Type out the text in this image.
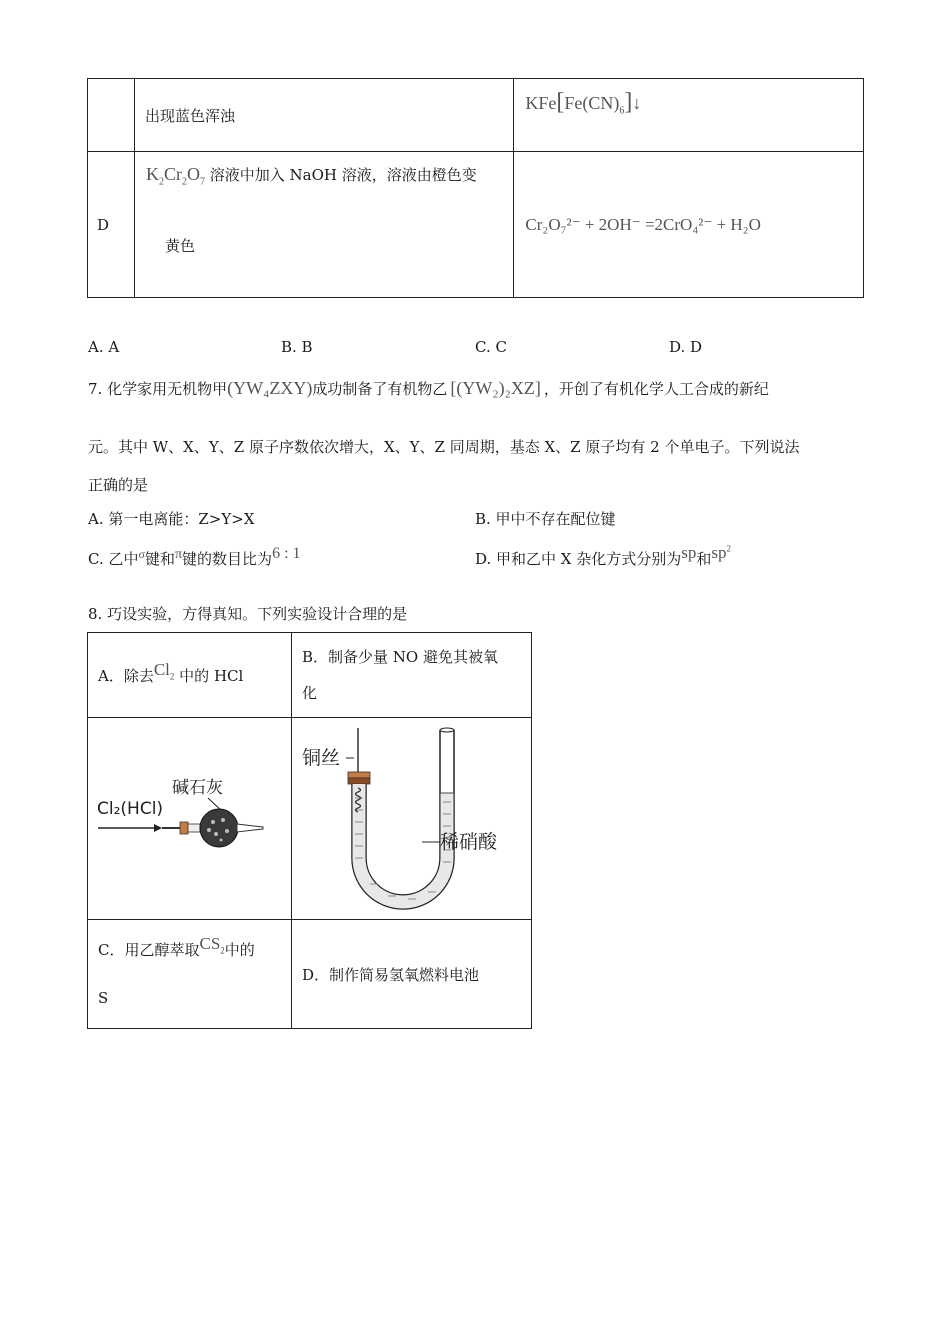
	出现蓝色浑浊	$KFe[Fe(CN)_6]↓$

D	$K_2Cr_2O_7$ 溶液中加入 NaOH 溶液，溶液由橙色变
黄色	Cr₂O₇²⁻ + 2OH⁻ =2CrO₄²⁻ + H₂O
A. A	B. B	C. C	D. D
7. 化学家用无机物甲(YW₄ZXY)成功制备了有机物乙 [(YW₂)₂XZ] ，开创了有机化学人工合成的新纪
元。其中 W、X、Y、Z 原子序数依次增大，X、Y、Z 同周期，基态 X、Z 原子均有 2 个单电子。下列说法
正确的是
A. 第一电离能：Z>Y>X	B. 甲中不存在配位键
C. 乙中$^\sigma$键和$^\pi$键的数目比为$^{6 : 1}$	D. 甲和乙中 X 杂化方式分别为$^{sp}$和$^{sp^2}$
8. 巧设实验，方得真知。下列实验设计合理的是
A．除去$^{Cl_2}$ 中的 HCl	B．制备少量 NO 避免其被氧
化

碱石灰
Cl₂(HCl)	铜丝
稀硝酸

C．用乙醇萃取$^{CS_2}$中的
S	D．制作简易氢氧燃料电池
